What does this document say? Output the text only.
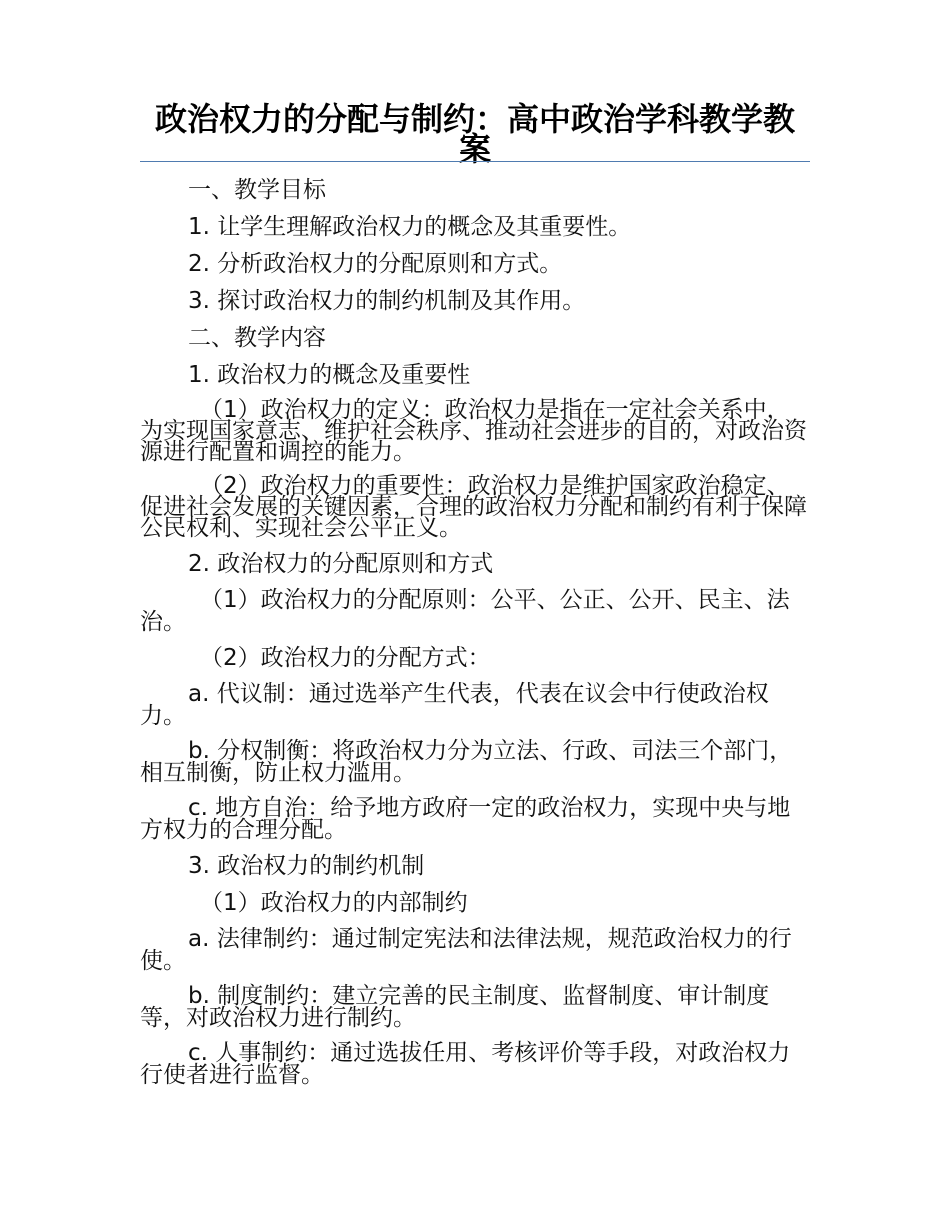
政治权力的分配与制约：高中政治学科教学教案

一、教学目标

1. 让学生理解政治权力的概念及其重要性。

2. 分析政治权力的分配原则和方式。

3. 探讨政治权力的制约机制及其作用。

二、教学内容

1. 政治权力的概念及重要性

（1）政治权力的定义：政治权力是指在一定社会关系中，为实现国家意志、维护社会秩序、推动社会进步的目的，对政治资源进行配置和调控的能力。

（2）政治权力的重要性：政治权力是维护国家政治稳定、促进社会发展的关键因素，合理的政治权力分配和制约有利于保障公民权利、实现社会公平正义。

2. 政治权力的分配原则和方式

（1）政治权力的分配原则：公平、公正、公开、民主、法治。

（2）政治权力的分配方式：

a. 代议制：通过选举产生代表，代表在议会中行使政治权力。

b. 分权制衡：将政治权力分为立法、行政、司法三个部门，相互制衡，防止权力滥用。

c. 地方自治：给予地方政府一定的政治权力，实现中央与地方权力的合理分配。

3. 政治权力的制约机制

（1）政治权力的内部制约

a. 法律制约：通过制定宪法和法律法规，规范政治权力的行使。

b. 制度制约：建立完善的民主制度、监督制度、审计制度等，对政治权力进行制约。

c. 人事制约：通过选拔任用、考核评价等手段，对政治权力行使者进行监督。
